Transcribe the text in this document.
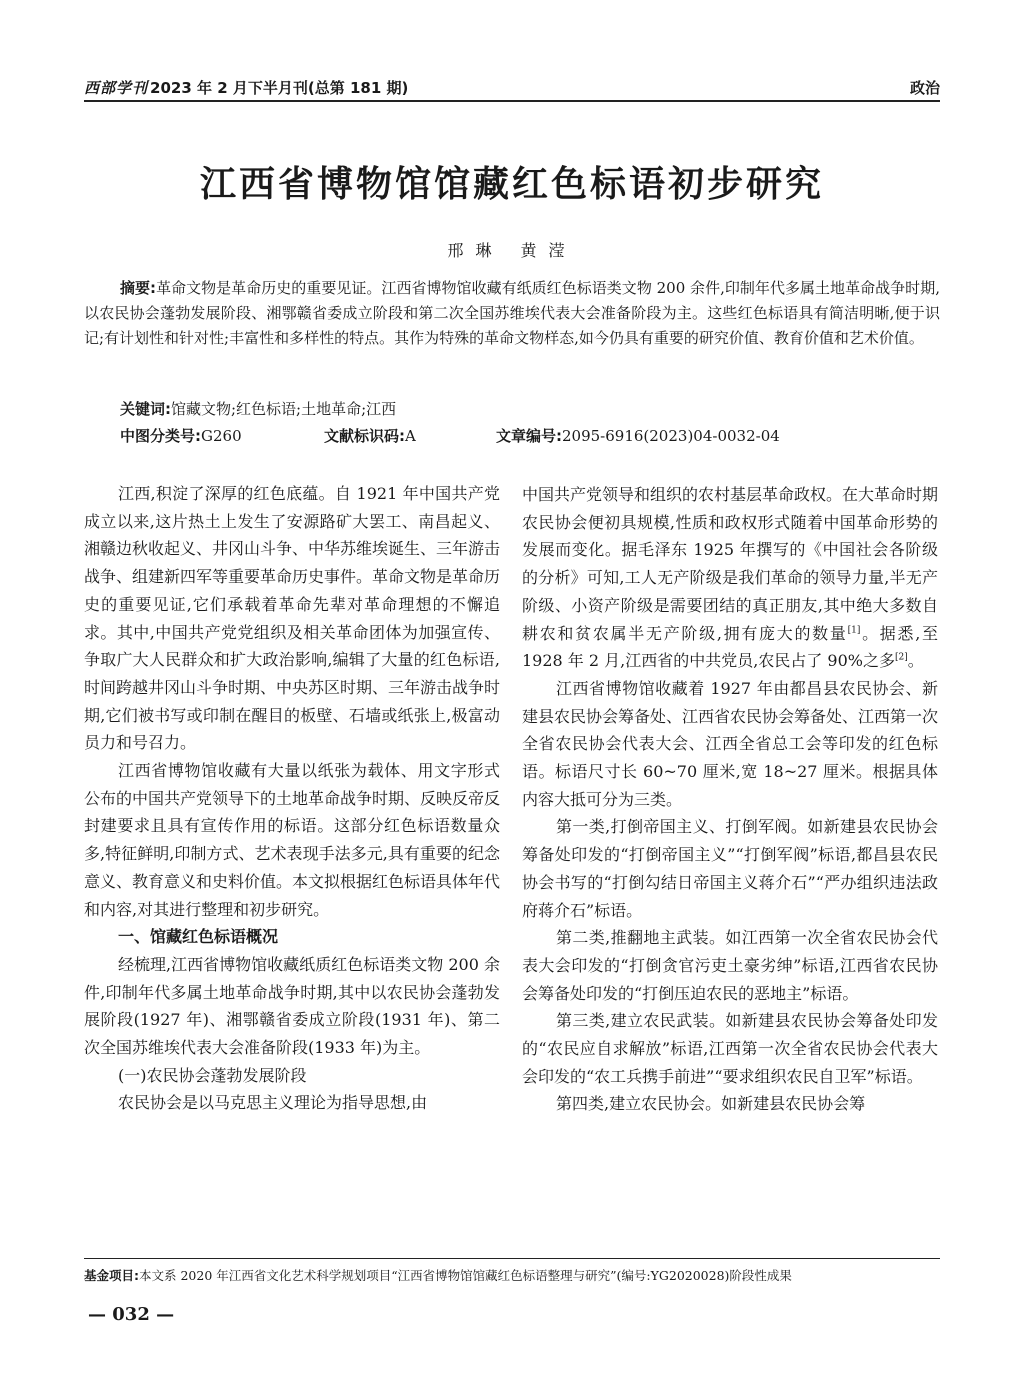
西部学刊 2023 年 2 月下半月刊(总第 181 期)	政治
江西省博物馆馆藏红色标语初步研究
邢琳 黄滢

摘要:革命文物是革命历史的重要见证。江西省博物馆收藏有纸质红色标语类文物 200 余件,印制年代多属土地革命战争时期,以农民协会蓬勃发展阶段、湘鄂赣省委成立阶段和第二次全国苏维埃代表大会准备阶段为主。这些红色标语具有简洁明晰,便于识记;有计划性和针对性;丰富性和多样性的特点。其作为特殊的革命文物样态,如今仍具有重要的研究价值、教育价值和艺术价值。

关键词:馆藏文物;红色标语;土地革命;江西
中图分类号:G260	文献标识码:A	文章编号:2095-6916(2023)04-0032-04

江西,积淀了深厚的红色底蕴。自 1921 年中国共产党成立以来,这片热土上发生了安源路矿大罢工、南昌起义、湘赣边秋收起义、井冈山斗争、中华苏维埃诞生、三年游击战争、组建新四军等重要革命历史事件。革命文物是革命历史的重要见证,它们承载着革命先辈对革命理想的不懈追求。其中,中国共产党党组织及相关革命团体为加强宣传、争取广大人民群众和扩大政治影响,编辑了大量的红色标语,时间跨越井冈山斗争时期、中央苏区时期、三年游击战争时期,它们被书写或印制在醒目的板壁、石墙或纸张上,极富动员力和号召力。

江西省博物馆收藏有大量以纸张为载体、用文字形式公布的中国共产党领导下的土地革命战争时期、反映反帝反封建要求且具有宣传作用的标语。这部分红色标语数量众多,特征鲜明,印制方式、艺术表现手法多元,具有重要的纪念意义、教育意义和史料价值。本文拟根据红色标语具体年代和内容,对其进行整理和初步研究。

一、馆藏红色标语概况

经梳理,江西省博物馆收藏纸质红色标语类文物 200 余件,印制年代多属土地革命战争时期,其中以农民协会蓬勃发展阶段(1927 年)、湘鄂赣省委成立阶段(1931 年)、第二次全国苏维埃代表大会准备阶段(1933 年)为主。

(一)农民协会蓬勃发展阶段

农民协会是以马克思主义理论为指导思想,由

中国共产党领导和组织的农村基层革命政权。在大革命时期农民协会便初具规模,性质和政权形式随着中国革命形势的发展而变化。据毛泽东 1925 年撰写的《中国社会各阶级的分析》可知,工人无产阶级是我们革命的领导力量,半无产阶级、小资产阶级是需要团结的真正朋友,其中绝大多数自耕农和贫农属半无产阶级,拥有庞大的数量[1]。据悉,至 1928 年 2 月,江西省的中共党员,农民占了 90%之多[2]。

江西省博物馆收藏着 1927 年由都昌县农民协会、新建县农民协会筹备处、江西省农民协会筹备处、江西第一次全省农民协会代表大会、江西全省总工会等印发的红色标语。标语尺寸长 60~70 厘米,宽 18~27 厘米。根据具体内容大抵可分为三类。

第一类,打倒帝国主义、打倒军阀。如新建县农民协会筹备处印发的“打倒帝国主义”“打倒军阀”标语,都昌县农民协会书写的“打倒勾结日帝国主义蒋介石”“严办组织违法政府蒋介石”标语。

第二类,推翻地主武装。如江西第一次全省农民协会代表大会印发的“打倒贪官污吏土豪劣绅”标语,江西省农民协会筹备处印发的“打倒压迫农民的恶地主”标语。

第三类,建立农民武装。如新建县农民协会筹备处印发的“农民应自求解放”标语,江西第一次全省农民协会代表大会印发的“农工兵携手前进”“要求组织农民自卫军”标语。

第四类,建立农民协会。如新建县农民协会筹

基金项目:本文系 2020 年江西省文化艺术科学规划项目“江西省博物馆馆藏红色标语整理与研究”(编号:YG2020028)阶段性成果
— 032 —
